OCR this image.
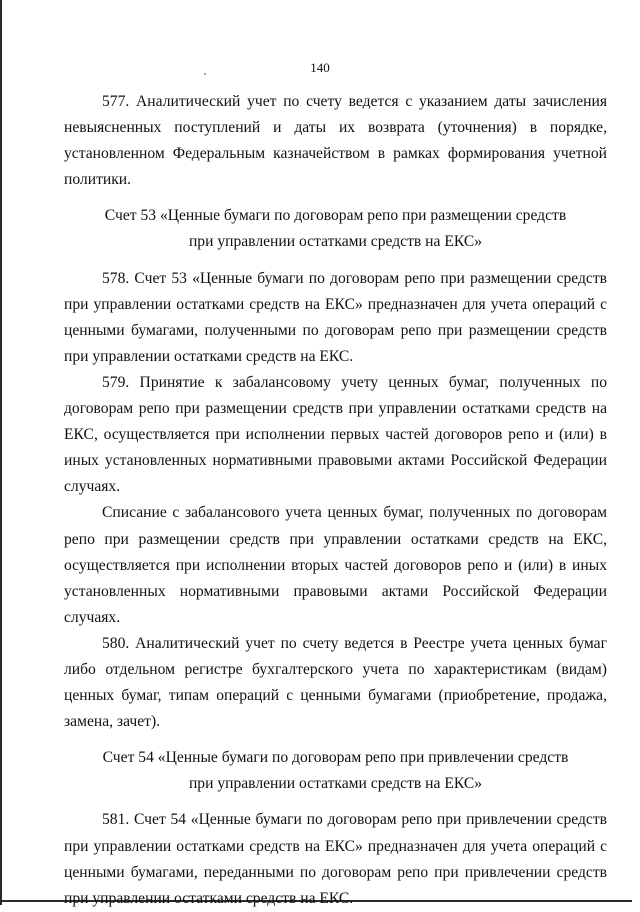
140

577. Аналитический учет по счету ведется с указанием даты зачисления невыясненных поступлений и даты их возврата (уточнения) в порядке, установленном Федеральным казначейством в рамках формирования учетной политики.

Счет 53 «Ценные бумаги по договорам репо при размещении средств

при управлении остатками средств на ЕКС»

578. Счет 53 «Ценные бумаги по договорам репо при размещении средств при управлении остатками средств на ЕКС» предназначен для учета операций с ценными бумагами, полученными по договорам репо при размещении средств при управлении остатками средств на ЕКС.

579. Принятие к забалансовому учету ценных бумаг, полученных по договорам репо при размещении средств при управлении остатками средств на ЕКС, осуществляется при исполнении первых частей договоров репо и (или) в иных установленных нормативными правовыми актами Российской Федерации случаях.

Списание с забалансового учета ценных бумаг, полученных по договорам репо при размещении средств при управлении остатками средств на ЕКС, осуществляется при исполнении вторых частей договоров репо и (или) в иных установленных нормативными правовыми актами Российской Федерации случаях.

580. Аналитический учет по счету ведется в Реестре учета ценных бумаг либо отдельном регистре бухгалтерского учета по характеристикам (видам) ценных бумаг, типам операций с ценными бумагами (приобретение, продажа, замена, зачет).

Счет 54 «Ценные бумаги по договорам репо при привлечении средств

при управлении остатками средств на ЕКС»

581. Счет 54 «Ценные бумаги по договорам репо при привлечении средств при управлении остатками средств на ЕКС» предназначен для учета операций с ценными бумагами, переданными по договорам репо при привлечении средств при управлении остатками средств на ЕКС.
